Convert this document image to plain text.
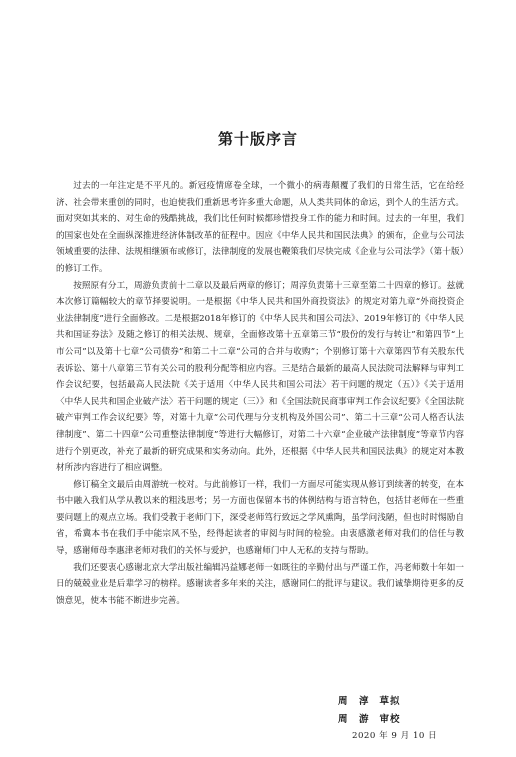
第十版序言

过去的一年注定是不平凡的。新冠疫情席卷全球，一个微小的病毒颠覆了我们的日常生活，它在给经济、社会带来重创的同时，也迫使我们重新思考许多重大命题，从人类共同体的命运，到个人的生活方式。面对突如其来的、对生命的残酷挑战，我们比任何时候都珍惜投身工作的能力和时间。过去的一年里，我们的国家也处在全面纵深推进经济体制改革的征程中。因应《中华人民共和国民法典》的颁布，企业与公司法领域重要的法律、法规相继颁布或修订，法律制度的发展也鞭策我们尽快完成《企业与公司法学》（第十版）的修订工作。

按照原有分工，周游负责前十二章以及最后两章的修订；周淳负责第十三章至第二十四章的修订。兹就本次修订篇幅较大的章节择要说明。一是根据《中华人民共和国外商投资法》的规定对第九章“外商投资企业法律制度”进行全面修改。二是根据2018年修订的《中华人民共和国公司法》、2019年修订的《中华人民共和国证券法》及随之修订的相关法规、规章，全面修改第十五章第三节“股份的发行与转让”和第四节“上市公司”以及第十七章“公司债券”和第二十二章“公司的合并与收购”；个别修订第十六章第四节有关股东代表诉讼、第十八章第三节有关公司的股利分配等相应内容。三是结合最新的最高人民法院司法解释与审判工作会议纪要，包括最高人民法院《关于适用〈中华人民共和国公司法〉若干问题的规定（五）》《关于适用〈中华人民共和国企业破产法〉若干问题的规定（三）》和《全国法院民商事审判工作会议纪要》《全国法院破产审判工作会议纪要》等，对第十九章“公司代理与分支机构及外国公司”、第二十三章“公司人格否认法律制度”、第二十四章“公司重整法律制度”等进行大幅修订，对第二十六章“企业破产法律制度”等章节内容进行个别更改，补充了最新的研究成果和实务动向。此外，还根据《中华人民共和国民法典》的规定对本教材所涉内容进行了相应调整。

修订稿全文最后由周游统一校对。与此前修订一样，我们一方面尽可能实现从修订到续著的转变，在本书中融入我们从学从教以来的粗浅思考；另一方面也保留本书的体例结构与语言特色，包括甘老师在一些重要问题上的观点立场。我们受教于老师门下，深受老师笃行致远之学风熏陶，虽学问浅陋，但也时时惕励自省，希冀本书在我们手中能宗风不坠，经得起读者的审阅与时间的检验。由衷感激老师对我们的信任与教导，感谢师母李惠津老师对我们的关怀与爱护，也感谢师门中人无私的支持与帮助。

我们还要衷心感谢北京大学出版社编辑冯益娜老师一如既往的辛勤付出与严谨工作，冯老师数十年如一日的兢兢业业是后辈学习的榜样。感谢读者多年来的关注，感谢同仁的批评与建议。我们诚挚期待更多的反馈意见，使本书能不断进步完善。

周　淳 草拟
周　游 审校
2020 年 9 月 10 日
